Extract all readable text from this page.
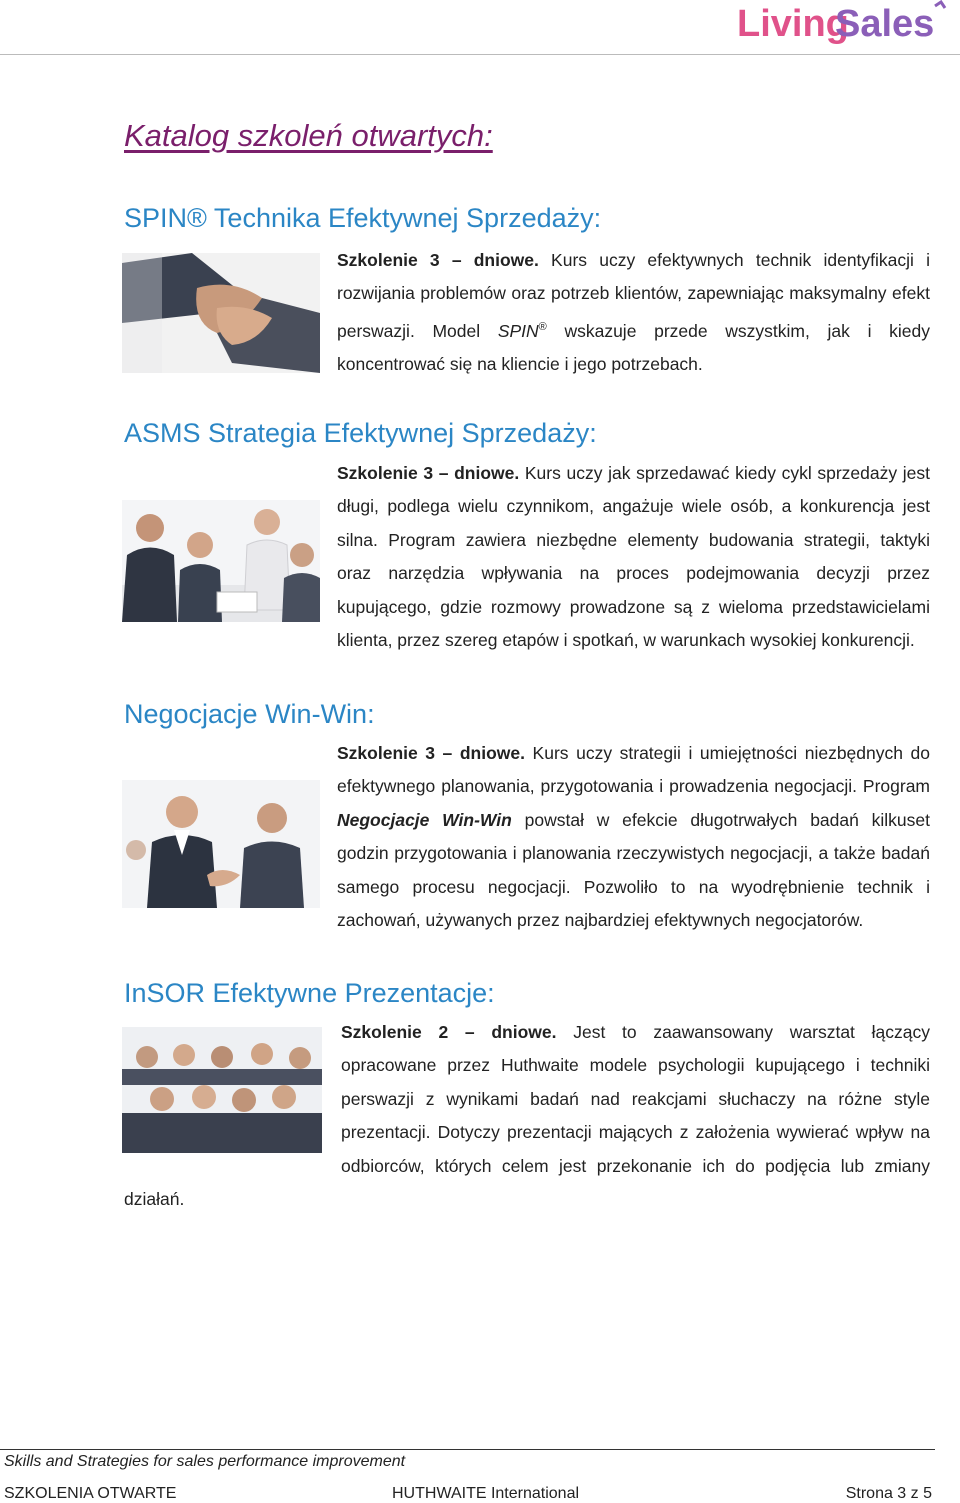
Living
Sales
Katalog szkoleń otwartych:
SPIN® Technika Efektywnej Sprzedaży:

Szkolenie 3 – dniowe. Kurs uczy efektywnych technik identyfikacji i rozwijania problemów oraz potrzeb klientów, zapewniając maksymalny efekt perswazji. Model SPIN® wskazuje przede wszystkim, jak i kiedy koncentrować się na kliencie i jego potrzebach.

ASMS Strategia Efektywnej Sprzedaży:

Szkolenie 3 – dniowe. Kurs uczy jak sprzedawać kiedy cykl sprzedaży jest długi, podlega wielu czynnikom, angażuje wiele osób, a konkurencja jest silna. Program zawiera niezbędne elementy budowania strategii, taktyki oraz narzędzia wpływania na proces podejmowania decyzji przez kupującego, gdzie rozmowy prowadzone są z wieloma przedstawicielami klienta, przez szereg etapów i spotkań, w warunkach wysokiej konkurencji.

Negocjacje Win-Win:

Szkolenie 3 – dniowe. Kurs uczy strategii i umiejętności niezbędnych do efektywnego planowania, przygotowania i prowadzenia negocjacji. Program Negocjacje Win-Win powstał w efekcie długotrwałych badań kilkuset godzin przygotowania i planowania rzeczywistych negocjacji, a także badań samego procesu negocjacji. Pozwoliło to na wyodrębnienie technik i zachowań, używanych przez najbardziej efektywnych negocjatorów.

InSOR Efektywne Prezentacje:

Szkolenie 2 – dniowe. Jest to zaawansowany warsztat łączący opracowane przez Huthwaite modele psychologii kupującego i techniki perswazji z wynikami badań nad reakcjami słuchaczy na różne style prezentacji. Dotyczy prezentacji mających z założenia wywierać wpływ na odbiorców, których celem jest przekonanie ich do podjęcia lub zmiany działań.

Skills and Strategies for sales performance improvement
SZKOLENIA OTWARTE	HUTHWAITE International	Strona 3 z 5
